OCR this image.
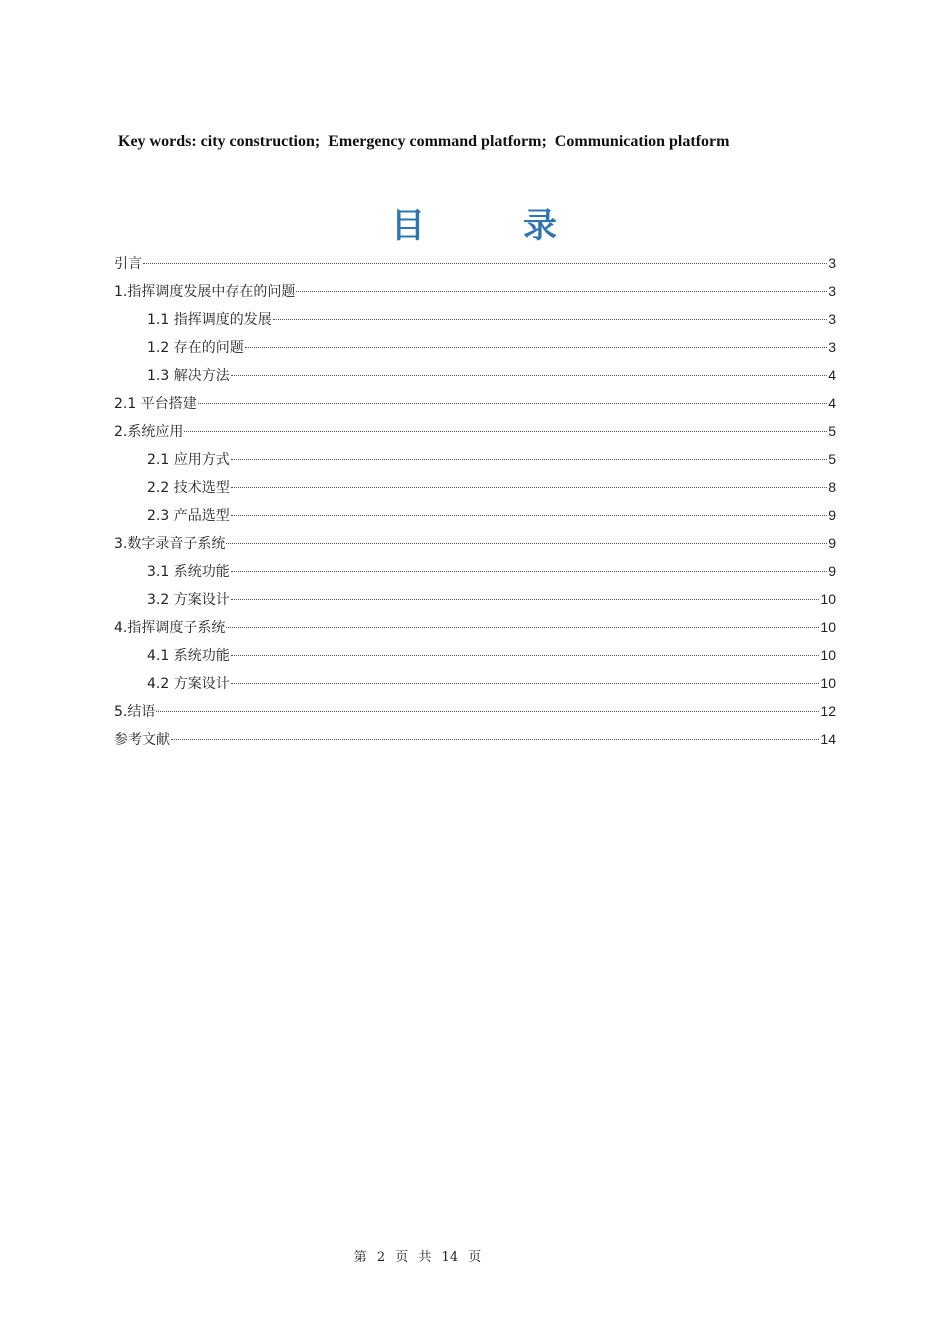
Key words: city construction;  Emergency command platform;  Communication platform
目	录
引言	3
1.指挥调度发展中存在的问题	3
1.1 指挥调度的发展	3
1.2 存在的问题	3
1.3 解决方法	4
2.1 平台搭建	4
2.系统应用	5
2.1 应用方式	5
2.2 技术选型	8
2.3 产品选型	9
3.数字录音子系统	9
3.1 系统功能	9
3.2 方案设计	10
4.指挥调度子系统	10
4.1 系统功能	10
4.2 方案设计	10
5.结语	12
参考文献	14
第 2 页 共 14 页
